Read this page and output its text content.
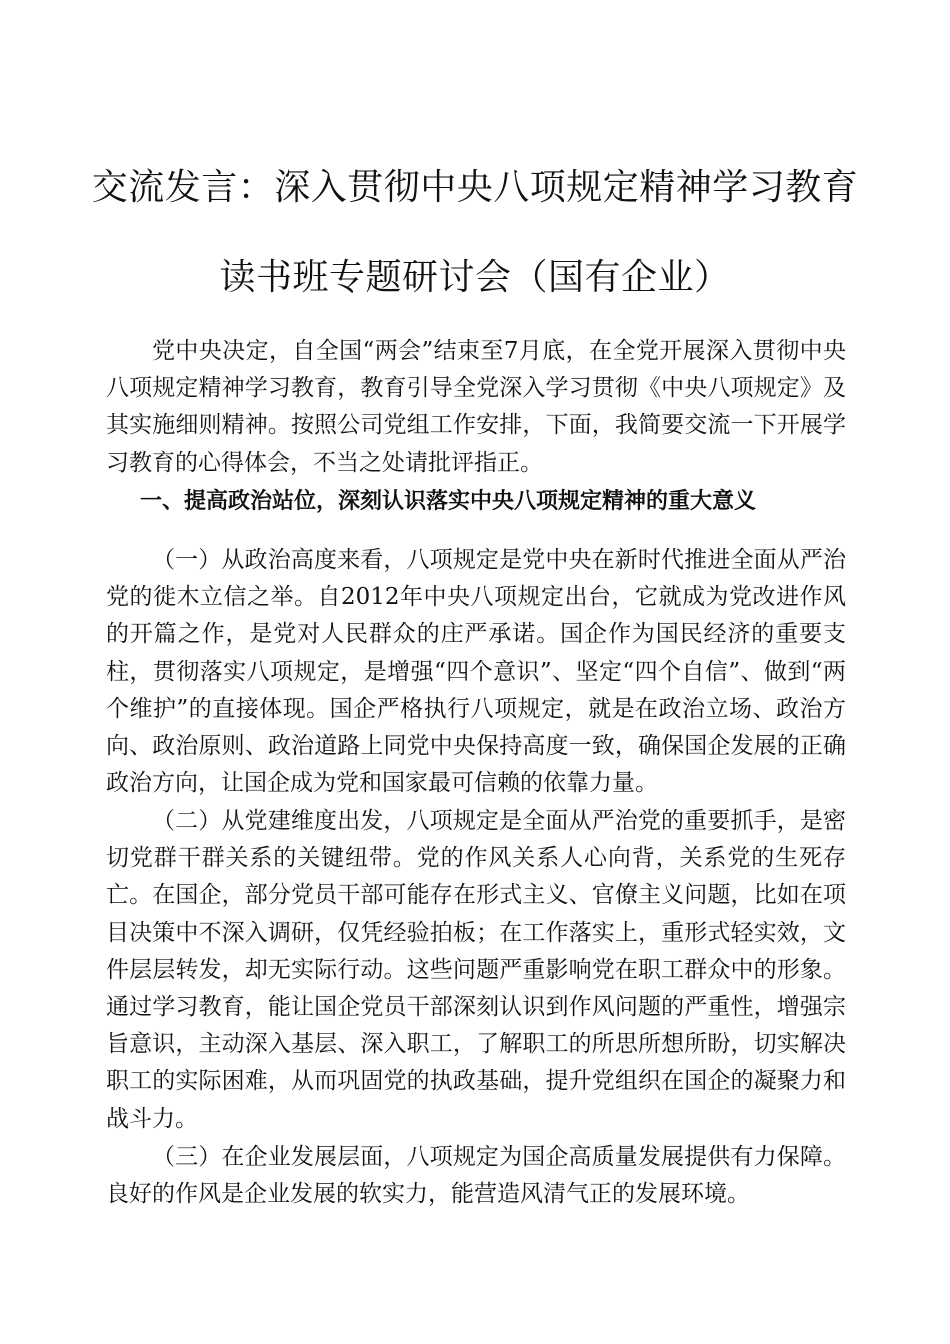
交流发言：深入贯彻中央八项规定精神学习教育
读书班专题研讨会（国有企业）

党中央决定，自全国“两会”结束至7月底，在全党开展深入贯彻中央八项规定精神学习教育，教育引导全党深入学习贯彻《中央八项规定》及其实施细则精神。按照公司党组工作安排，下面，我简要交流一下开展学习教育的心得体会，不当之处请批评指正。

一、提高政治站位，深刻认识落实中央八项规定精神的重大意义

（一）从政治高度来看，八项规定是党中央在新时代推进全面从严治党的徙木立信之举。自2012年中央八项规定出台，它就成为党改进作风的开篇之作，是党对人民群众的庄严承诺。国企作为国民经济的重要支柱，贯彻落实八项规定，是增强“四个意识”、坚定“四个自信”、做到“两个维护”的直接体现。国企严格执行八项规定，就是在政治立场、政治方向、政治原则、政治道路上同党中央保持高度一致，确保国企发展的正确政治方向，让国企成为党和国家最可信赖的依靠力量。

（二）从党建维度出发，八项规定是全面从严治党的重要抓手，是密切党群干群关系的关键纽带。党的作风关系人心向背，关系党的生死存亡。在国企，部分党员干部可能存在形式主义、官僚主义问题，比如在项目决策中不深入调研，仅凭经验拍板；在工作落实上，重形式轻实效，文件层层转发，却无实际行动。这些问题严重影响党在职工群众中的形象。通过学习教育，能让国企党员干部深刻认识到作风问题的严重性，增强宗旨意识，主动深入基层、深入职工，了解职工的所思所想所盼，切实解决职工的实际困难，从而巩固党的执政基础，提升党组织在国企的凝聚力和战斗力。

（三）在企业发展层面，八项规定为国企高质量发展提供有力保障。良好的作风是企业发展的软实力，能营造风清气正的发展环境。
